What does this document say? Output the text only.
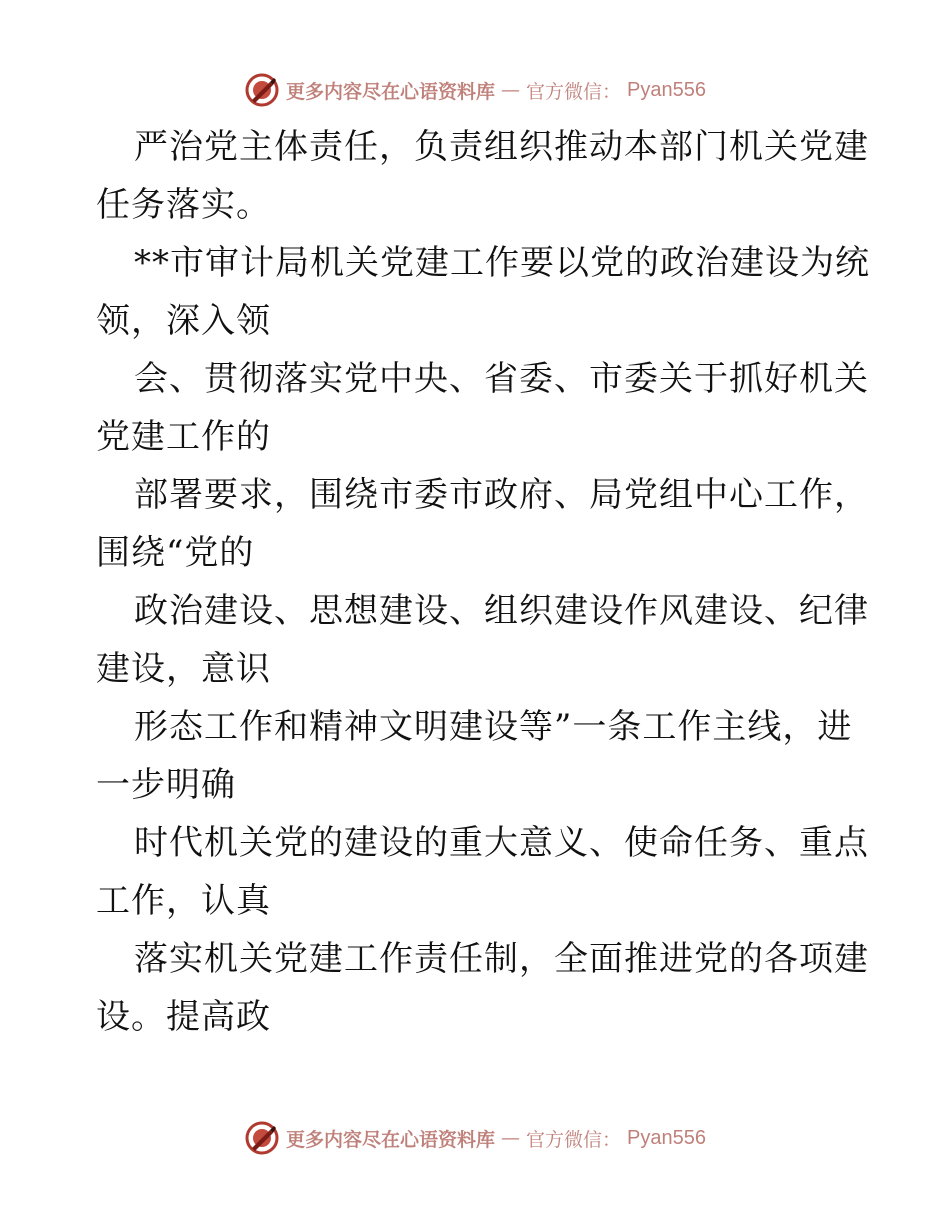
更多内容尽在心语资料库 — 官方微信： Pyan556
严治党主体责任，负责组织推动本部门机关党建
任务落实。
**市审计局机关党建工作要以党的政治建设为统
领，深入领
会、贯彻落实党中央、省委、市委关于抓好机关
党建工作的
部署要求，围绕市委市政府、局党组中心工作，
围绕“党的
政治建设、思想建设、组织建设作风建设、纪律
建设，意识
形态工作和精神文明建设等”一条工作主线，进
一步明确
时代机关党的建设的重大意义、使命任务、重点
工作，认真
落实机关党建工作责任制，全面推进党的各项建
设。提高政
更多内容尽在心语资料库 — 官方微信： Pyan556
